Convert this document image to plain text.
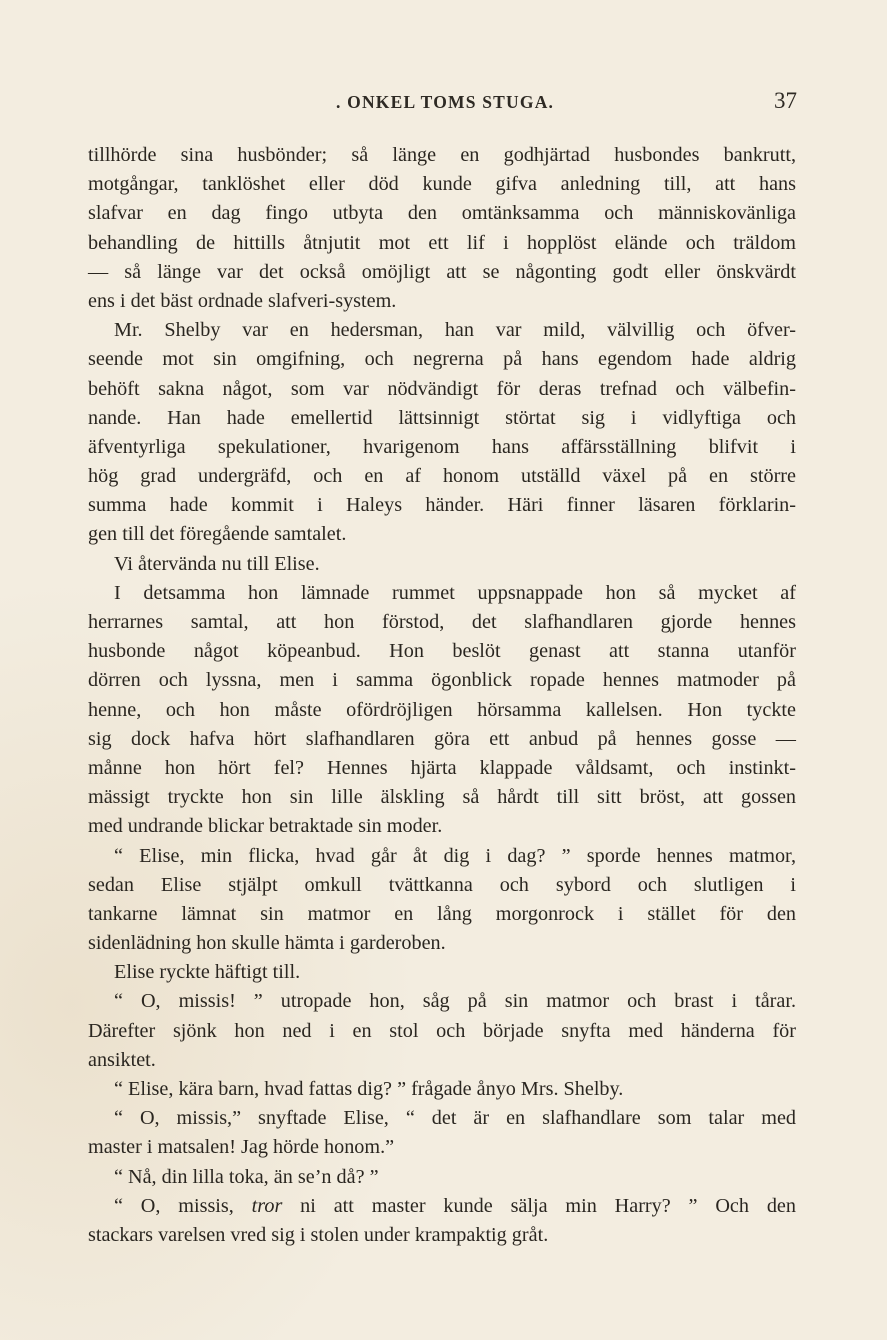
. ONKEL TOMS STUGA.	37
tillhörde sina husbönder; så länge en godhjärtad husbondes bankrutt,
motgångar, tanklöshet eller död kunde gifva anledning till, att hans
slafvar en dag fingo utbyta den omtänksamma och människovänliga
behandling de hittills åtnjutit mot ett lif i hopplöst elände och träldom
— så länge var det också omöjligt att se någonting godt eller önskvärdt
ens i det bäst ordnade slafveri-system.
Mr. Shelby var en hedersman, han var mild, välvillig och öfver-
seende mot sin omgifning, och negrerna på hans egendom hade aldrig
behöft sakna något, som var nödvändigt för deras trefnad och välbefin-
nande. Han hade emellertid lättsinnigt störtat sig i vidlyftiga och
äfventyrliga spekulationer, hvarigenom hans affärsställning blifvit i
hög grad undergräfd, och en af honom utställd växel på en större
summa hade kommit i Haleys händer. Häri finner läsaren förklarin-
gen till det föregående samtalet.
Vi återvända nu till Elise.
I detsamma hon lämnade rummet uppsnappade hon så mycket af
herrarnes samtal, att hon förstod, det slafhandlaren gjorde hennes
husbonde något köpeanbud. Hon beslöt genast att stanna utanför
dörren och lyssna, men i samma ögonblick ropade hennes matmoder på
henne, och hon måste ofördröjligen hörsamma kallelsen. Hon tyckte
sig dock hafva hört slafhandlaren göra ett anbud på hennes gosse —
månne hon hört fel? Hennes hjärta klappade våldsamt, och instinkt-
mässigt tryckte hon sin lille älskling så hårdt till sitt bröst, att gossen
med undrande blickar betraktade sin moder.
“ Elise, min flicka, hvad går åt dig i dag? ” sporde hennes matmor,
sedan Elise stjälpt omkull tvättkanna och sybord och slutligen i
tankarne lämnat sin matmor en lång morgonrock i stället för den
sidenlädning hon skulle hämta i garderoben.
Elise ryckte häftigt till.
“ O, missis! ” utropade hon, såg på sin matmor och brast i tårar.
Därefter sjönk hon ned i en stol och började snyfta med händerna för
ansiktet.
“ Elise, kära barn, hvad fattas dig? ” frågade ånyo Mrs. Shelby.
“ O, missis,” snyftade Elise, “ det är en slafhandlare som talar med
master i matsalen! Jag hörde honom.”
“ Nå, din lilla toka, än se’n då? ”
“ O, missis, tror ni att master kunde sälja min Harry? ” Och den
stackars varelsen vred sig i stolen under krampaktig gråt.
